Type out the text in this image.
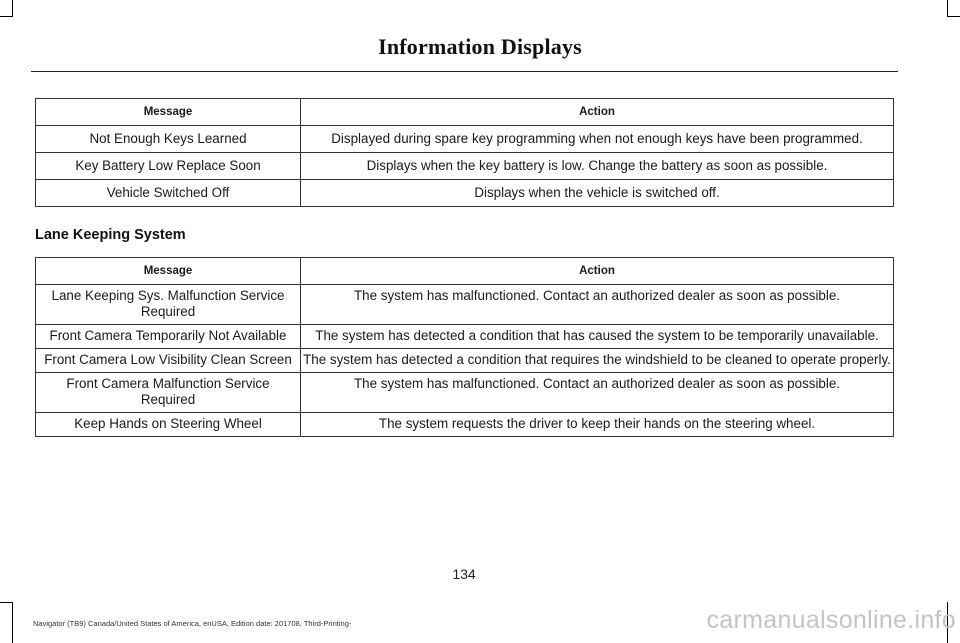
Information Displays
Message	Action
Not Enough Keys Learned	Displayed during spare key programming when not enough keys have been programmed.
Key Battery Low Replace Soon	Displays when the key battery is low. Change the battery as soon as possible.
Vehicle Switched Off	Displays when the vehicle is switched off.
Lane Keeping System
Message	Action
Lane Keeping Sys. Malfunction Service Required	The system has malfunctioned. Contact an authorized dealer as soon as possible.
Front Camera Temporarily Not Available	The system has detected a condition that has caused the system to be temporarily unavailable.
Front Camera Low Visibility Clean Screen	The system has detected a condition that requires the windshield to be cleaned to operate properly.
Front Camera Malfunction Service Required	The system has malfunctioned. Contact an authorized dealer as soon as possible.
Keep Hands on Steering Wheel	The system requests the driver to keep their hands on the steering wheel.
134
Navigator (TB9) Canada/United States of America, enUSA, Edition date: 201708, Third-Printing-	carmanualsonline.info
